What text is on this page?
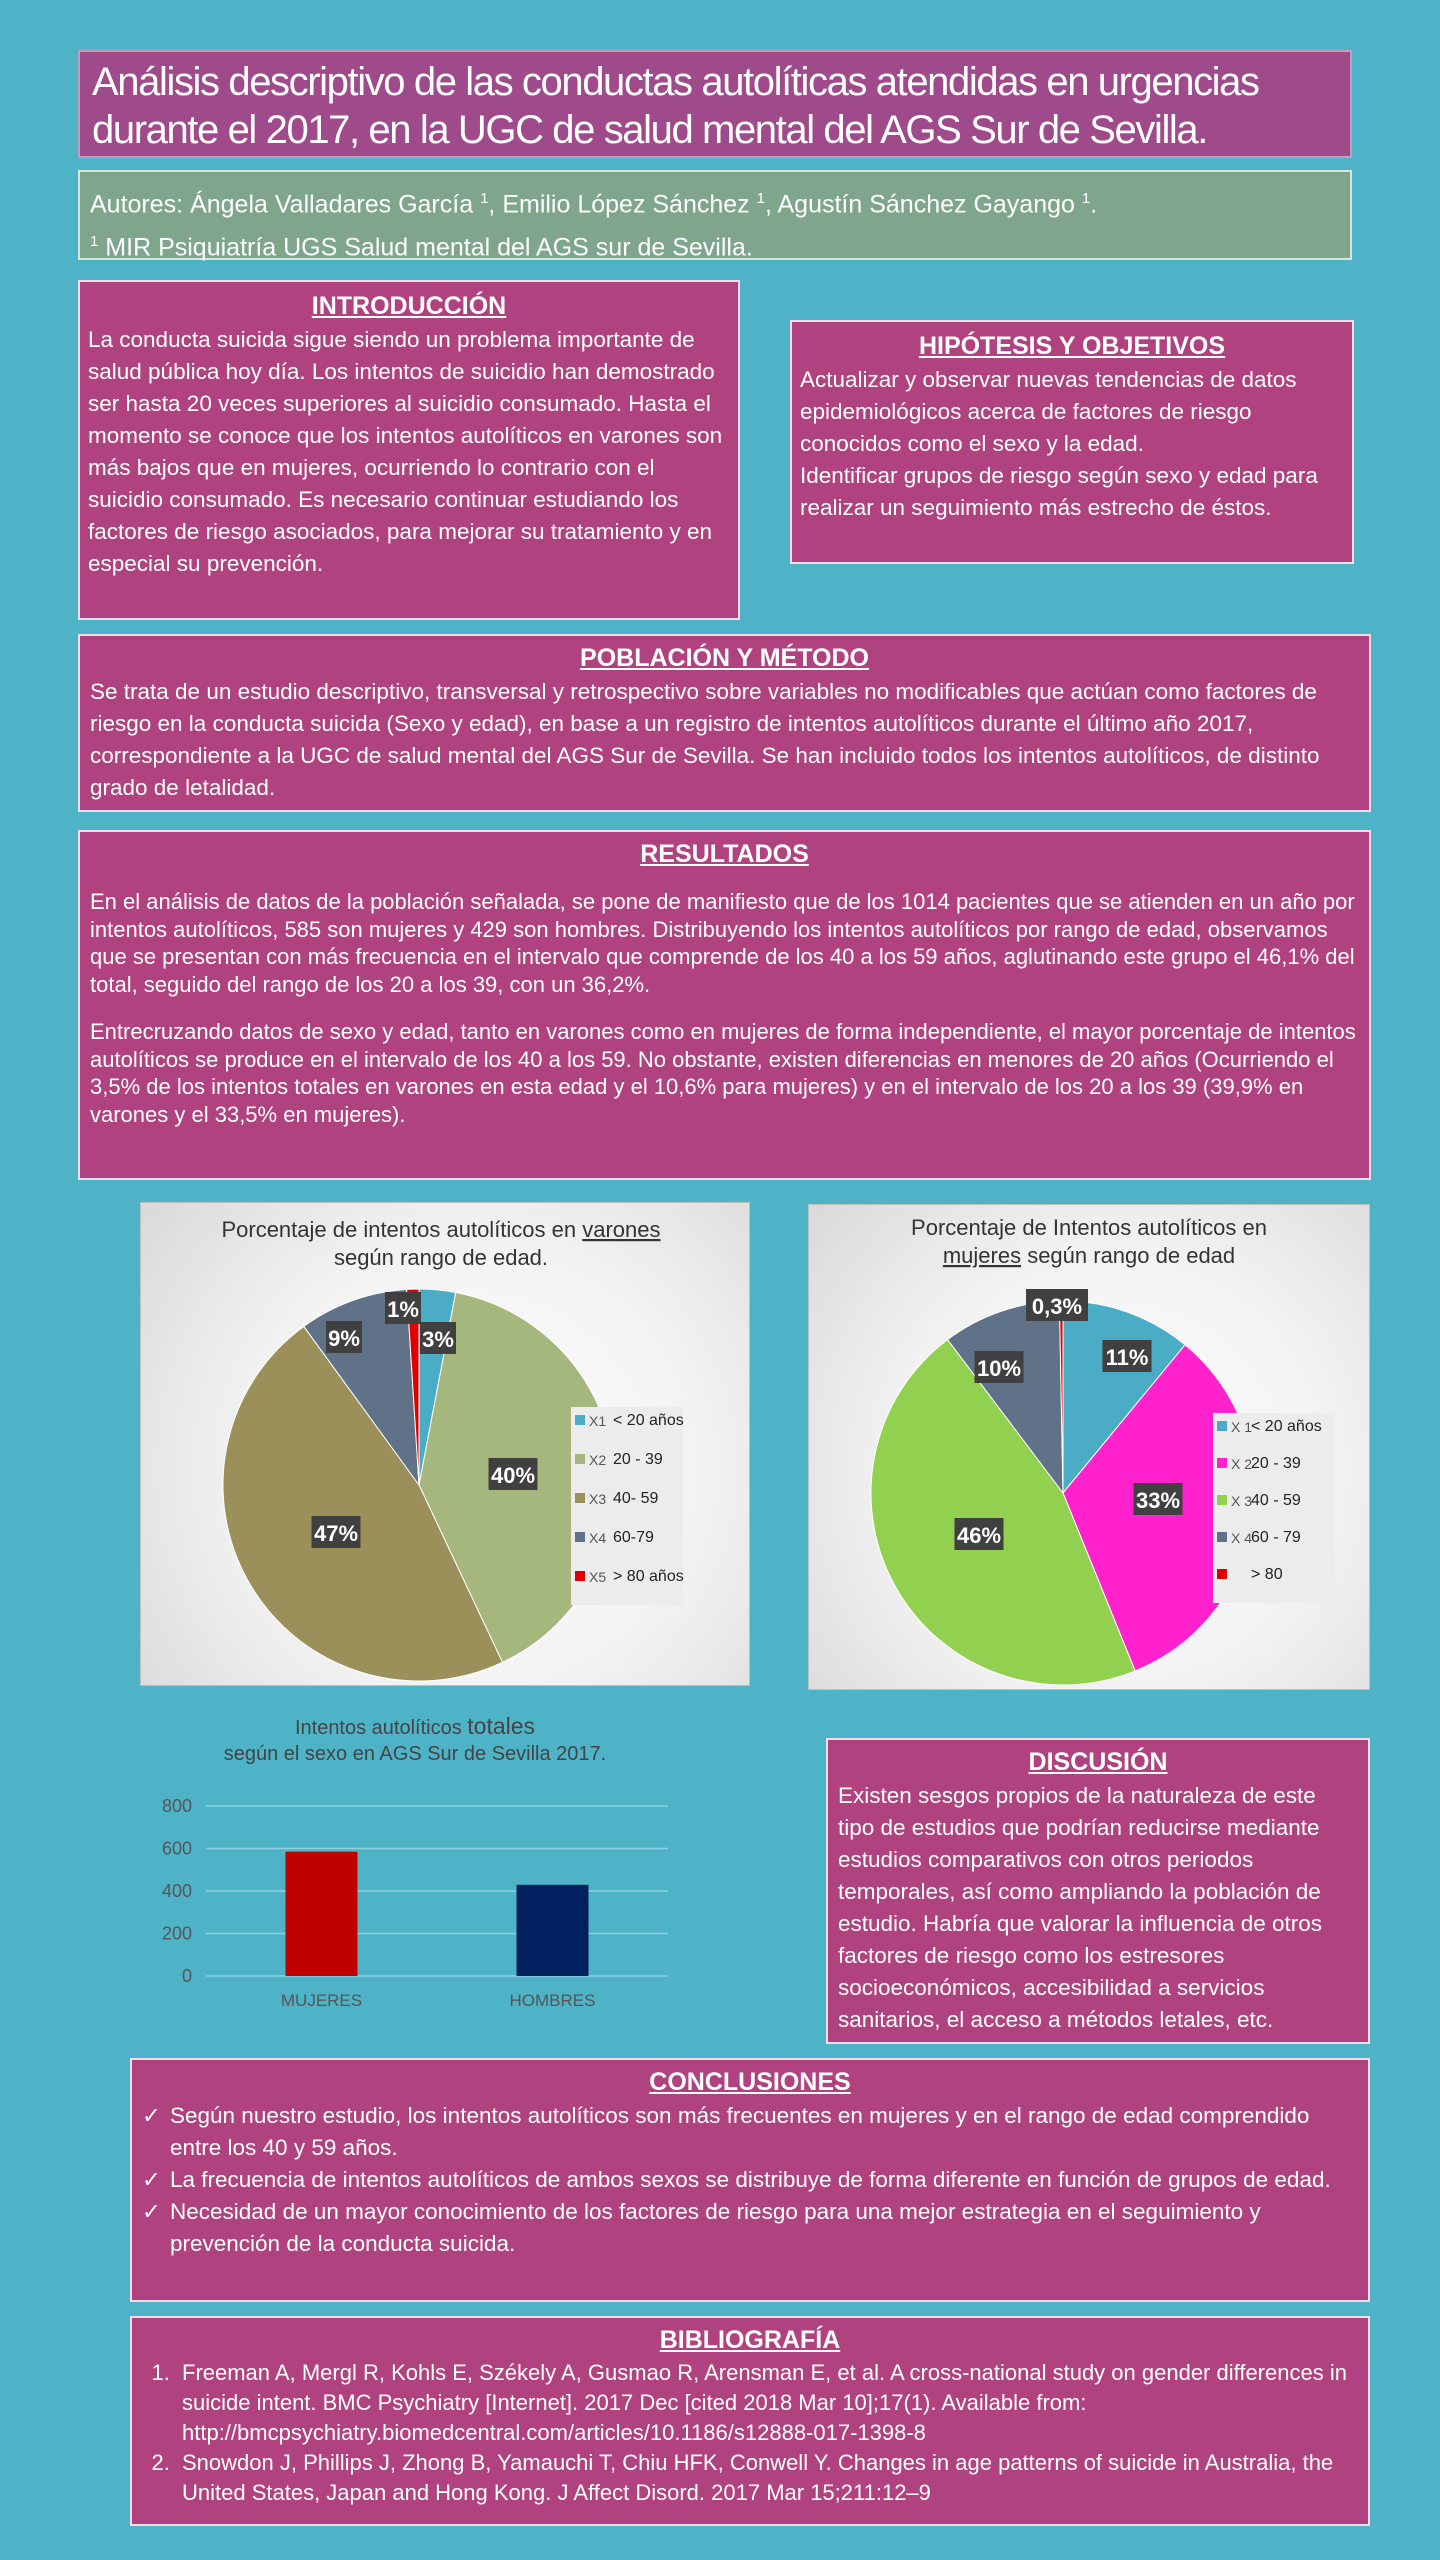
Análisis descriptivo de las conductas autolíticas atendidas en urgencias durante el 2017, en la UGC de salud mental del AGS Sur de Sevilla.
Autores: Ángela Valladares García $^1$, Emilio López Sánchez $^1$, Agustín Sánchez Gayango $^1$.
$^1$ MIR Psiquiatría UGS Salud mental del AGS sur de Sevilla.
INTRODUCCIÓN

La conducta suicida sigue siendo un problema importante de salud pública hoy día. Los intentos de suicidio han demostrado ser hasta 20 veces superiores al suicidio consumado. Hasta el momento se conoce que los intentos autolíticos en varones son más bajos que en mujeres, ocurriendo lo contrario con el suicidio consumado. Es necesario continuar estudiando los factores de riesgo asociados, para mejorar su tratamiento y en especial su prevención.

HIPÓTESIS Y OBJETIVOS

Actualizar y observar nuevas tendencias de datos epidemiológicos acerca de factores de riesgo conocidos como el sexo y la edad.

Identificar grupos de riesgo según sexo y edad para realizar un seguimiento más estrecho de éstos.

POBLACIÓN Y MÉTODO

Se trata de un estudio descriptivo, transversal y retrospectivo sobre variables no modificables que actúan como factores de riesgo en la conducta suicida (Sexo y edad), en base a un registro de intentos autolíticos durante el último año 2017, correspondiente a la UGC de salud mental del AGS Sur de Sevilla. Se han incluido todos los intentos autolíticos, de distinto grado de letalidad.

RESULTADOS

En el análisis de datos de la población señalada, se pone de manifiesto que de los 1014 pacientes que se atienden en un año por intentos autolíticos, 585 son mujeres y 429 son hombres. Distribuyendo los intentos autolíticos por rango de edad, observamos que se presentan con más frecuencia en el intervalo que comprende de los 40 a los 59 años, aglutinando este grupo el 46,1% del total, seguido del rango de los 20 a los 39, con un 36,2%.

Entrecruzando datos de sexo y edad, tanto en varones como en mujeres de forma independiente, el mayor porcentaje de intentos autolíticos se produce en el intervalo de los 40 a los 59. No obstante, existen diferencias en menores de 20 años (Ocurriendo el 3,5% de los intentos totales en varones en esta edad y el 10,6% para mujeres) y en el intervalo de los 20 a los 39 (39,9% en varones y el 33,5% en mujeres).

Porcentaje de intentos autolíticos en varones
según rango de edad.
3%
40%
47%
9%
1%
X1 < 20 años
X2 20 - 39
X3 40- 59
X4 60-79
X5 > 80 años
Porcentaje de Intentos autolíticos en
mujeres según rango de edad
11%
33%
46%
10%
0,3%
X 1
< 20 años
X 2
20 - 39
X 3
40 - 59
X 4
60 - 79
> 80
Intentos autolíticos totales
según el sexo en AGS Sur de Sevilla 2017.
0
200
400
600
800
MUJERES	HOMBRES
DISCUSIÓN

Existen sesgos propios de la naturaleza de este tipo de estudios que podrían reducirse mediante estudios comparativos con otros periodos temporales, así como ampliando la población de estudio. Habría que valorar la influencia de otros factores de riesgo como los estresores socioeconómicos, accesibilidad a servicios sanitarios, el acceso a métodos letales, etc.

CONCLUSIONES
✓ Según nuestro estudio, los intentos autolíticos son más frecuentes en mujeres y en el rango de edad comprendido entre los 40 y 59 años.
✓ La frecuencia de intentos autolíticos de ambos sexos se distribuye de forma diferente en función de grupos de edad.
✓ Necesidad de un mayor conocimiento de los factores de riesgo para una mejor estrategia en el seguimiento y prevención de la conducta suicida.
BIBLIOGRAFÍA
1. Freeman A, Mergl R, Kohls E, Székely A, Gusmao R, Arensman E, et al. A cross-national study on gender differences in suicide intent. BMC Psychiatry [Internet]. 2017 Dec [cited 2018 Mar 10];17(1). Available from: http://bmcpsychiatry.biomedcentral.com/articles/10.1186/s12888-017-1398-8
2. Snowdon J, Phillips J, Zhong B, Yamauchi T, Chiu HFK, Conwell Y. Changes in age patterns of suicide in Australia, the United States, Japan and Hong Kong. J Affect Disord. 2017 Mar 15;211:12–9
